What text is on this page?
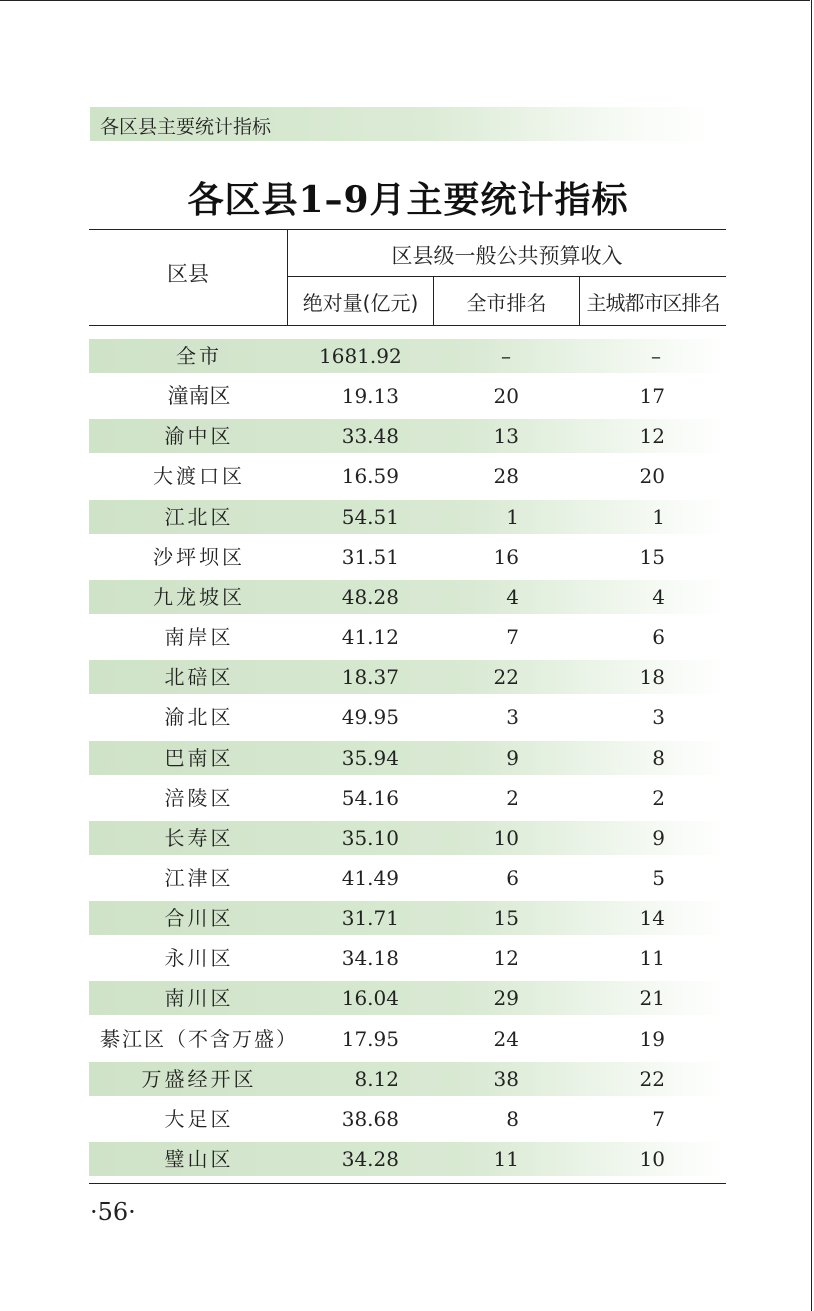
各区县主要统计指标
各区县1–9月主要统计指标
区县
区县级一般公共预算收入
绝对量(亿元)	全市排名	主城都市区排名
全市	1681.92	–	–
潼南区	19.13	20	17
渝中区	33.48	13	12
大渡口区	16.59	28	20
江北区	54.51	1	1
沙坪坝区	31.51	16	15
九龙坡区	48.28	4	4
南岸区	41.12	7	6
北碚区	18.37	22	18
渝北区	49.95	3	3
巴南区	35.94	9	8
涪陵区	54.16	2	2
长寿区	35.10	10	9
江津区	41.49	6	5
合川区	31.71	15	14
永川区	34.18	12	11
南川区	16.04	29	21
綦江区（不含万盛）	17.95	24	19
万盛经开区	8.12	38	22
大足区	38.68	8	7
璧山区	34.28	11	10
·56·
